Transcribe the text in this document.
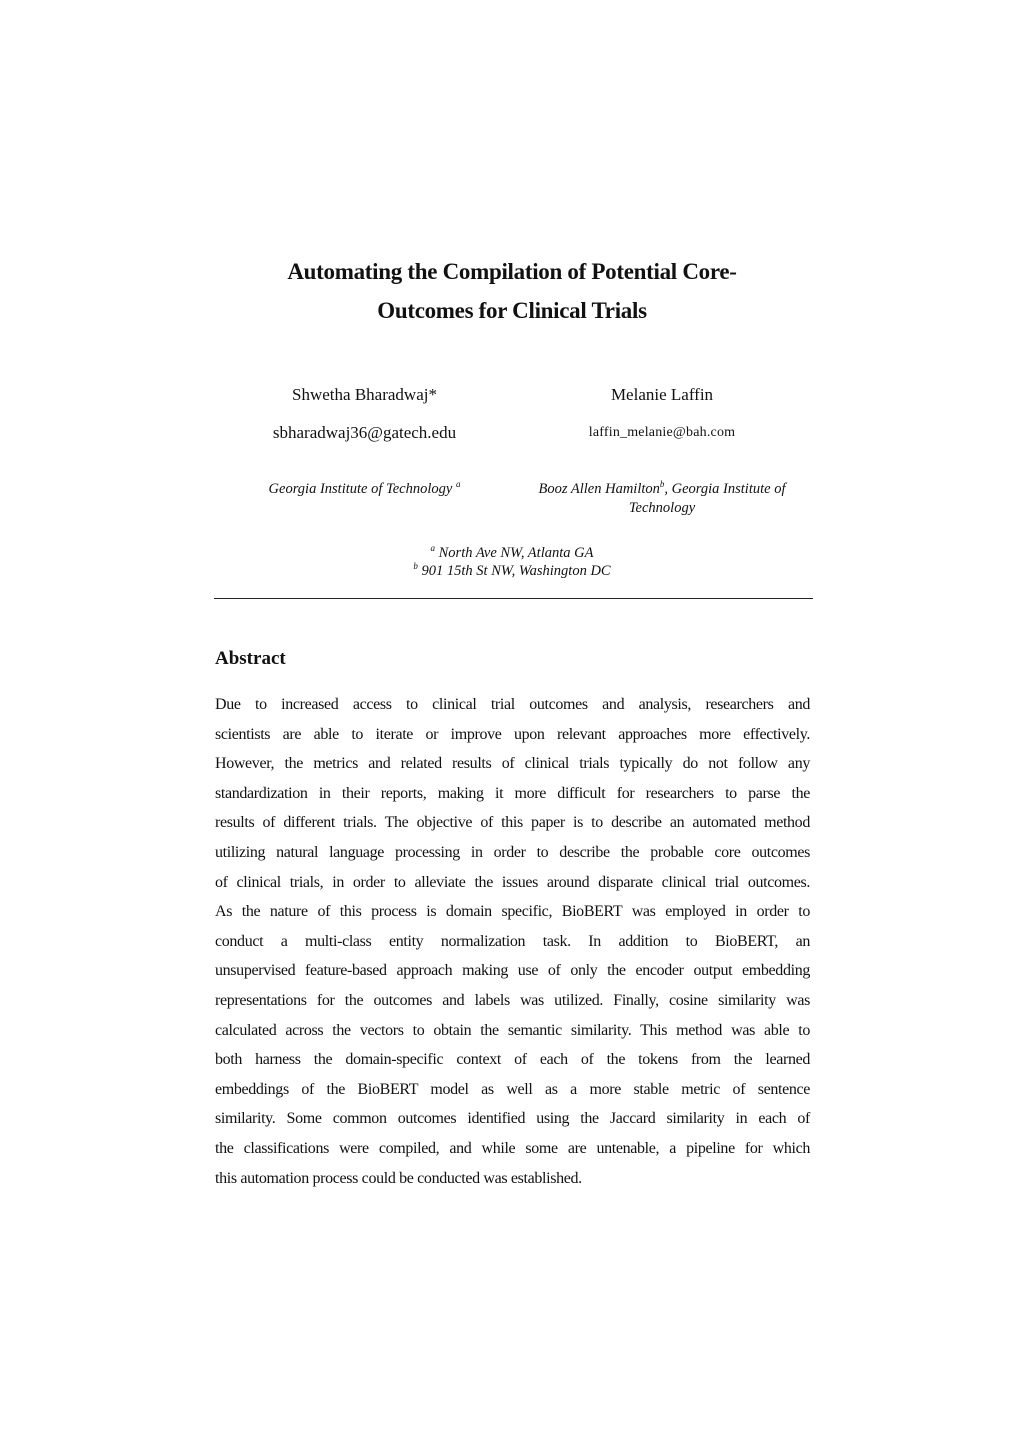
Automating the Compilation of Potential Core-
Outcomes for Clinical Trials
Shwetha Bharadwaj*	Melanie Laffin
sbharadwaj36@gatech.edu	laffin_melanie@bah.com
Georgia Institute of Technology $^a$	Booz Allen Hamilton$^b$, Georgia Institute of
Technology
$^a$ North Ave NW, Atlanta GA
$^b$ 901 15th St NW, Washington DC
Abstract
Due to increased access to clinical trial outcomes and analysis, researchers and
scientists are able to iterate or improve upon relevant approaches more effectively.
However, the metrics and related results of clinical trials typically do not follow any
standardization in their reports, making it more difficult for researchers to parse the
results of different trials. The objective of this paper is to describe an automated method
utilizing natural language processing in order to describe the probable core outcomes
of clinical trials, in order to alleviate the issues around disparate clinical trial outcomes.
As the nature of this process is domain specific, BioBERT was employed in order to
conduct a multi-class entity normalization task. In addition to BioBERT, an
unsupervised feature-based approach making use of only the encoder output embedding
representations for the outcomes and labels was utilized. Finally, cosine similarity was
calculated across the vectors to obtain the semantic similarity. This method was able to
both harness the domain-specific context of each of the tokens from the learned
embeddings of the BioBERT model as well as a more stable metric of sentence
similarity. Some common outcomes identified using the Jaccard similarity in each of
the classifications were compiled, and while some are untenable, a pipeline for which
this automation process could be conducted was established.
